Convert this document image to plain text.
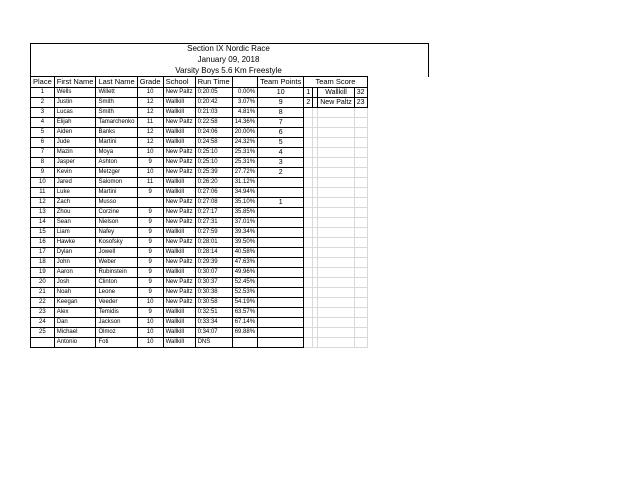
Section IX Nordic Race
January 09, 2018
Varsity Boys 5.6 Km Freestyle
Place	First Name	Last Name	Grade	School	Run Time		Team Points	Team Score			
1	Wells	Willett	10	New Paltz	0:20:05	0.00%	10	1		Wallkill	32
2	Justin	Smith	12	Wallkill	0:20:42	3.07%	9	2		New Paltz	23
3	Lucas	Smith	12	Wallkill	0:21:03	4.81%	8				
4	Elijah	Tamarchenko	11	New Paltz	0:22:58	14.36%	7				
5	Aiden	Banks	12	Wallkill	0:24:06	20.00%	6				
6	Jude	Martini	12	Wallkill	0:24:58	24.32%	5				
7	Mazin	Moya	10	New Paltz	0:25:10	25.31%	4				
8	Jasper	Ashton	9	New Paltz	0:25:10	25.31%	3				
9	Kevin	Metzger	10	New Paltz	0:25:39	27.72%	2				
10	Jared	Salomon	11	Wallkill	0:26:20	31.12%					
11	Luke	Martini	9	Wallkill	0:27:06	34.94%					
12	Zach	Musso		New Paltz	0:27:08	35.10%	1				
13	Zhou	Corzine	9	New Paltz	0:27:17	35.85%					
14	Sean	Nielson	9	New Paltz	0:27:31	37.01%					
15	Liam	Nafey	9	Wallkill	0:27:59	39.34%					
16	Hawke	Kosofsky	9	New Paltz	0:28:01	39.50%					
17	Dylan	Jowell	9	Wallkill	0:28:14	40.58%					
18	John	Weber	9	New Paltz	0:29:39	47.63%					
19	Aaron	Rubinstein	9	Wallkill	0:30:07	49.96%					
20	Josh	Clinton	9	New Paltz	0:30:37	52.45%					
21	Noah	Leone	9	New Paltz	0:30:38	52.53%					
22	Keegan	Veeder	10	New Paltz	0:30:58	54.19%					
23	Alex	Temidis	9	Wallkill	0:32:51	63.57%					
24	Dan	Jackson	10	Wallkill	0:33:34	67.14%					
25	Michael	Olmoz	10	Wallkill	0:34:07	69.88%					
	Antonio	Foti	10	Wallkill	DNS						
